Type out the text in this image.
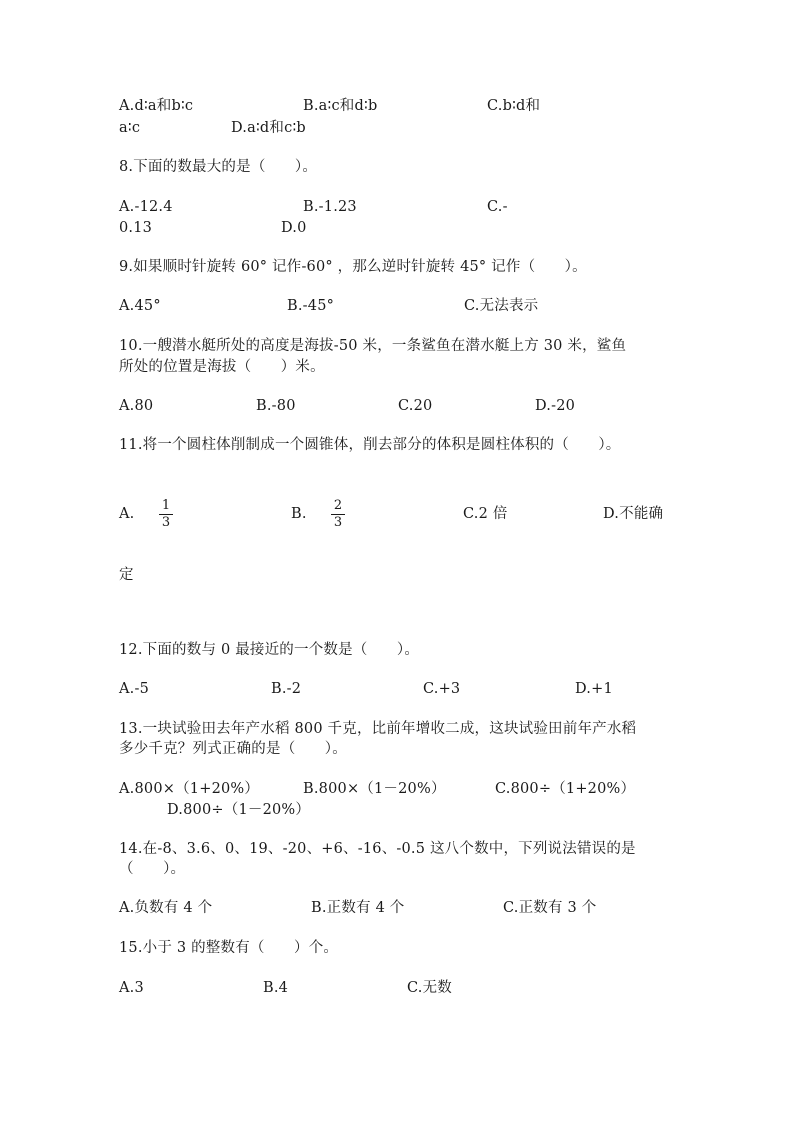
A.d∶a和b∶c	B.a∶c和d∶b	C.b∶d和
a∶c	D.a∶d和c∶b
8.下面的数最大的是（　　）。
A.-12.4	B.-1.23	C.-
0.13	D.0
9.如果顺时针旋转 60° 记作-60° ，那么逆时针旋转 45° 记作（　　）。
A.45°	B.-45°	C.无法表示
10.一艘潜水艇所处的高度是海拔-50 米，一条鲨鱼在潜水艇上方 30 米，鲨鱼
所处的位置是海拔（　　）米。
A.80	B.-80	C.20	D.-20
11.将一个圆柱体削制成一个圆锥体，削去部分的体积是圆柱体积的（　　）。
A. $\frac{1}{3}$	B. $\frac{2}{3}$	C.2 倍	D.不能确
定
12.下面的数与 0 最接近的一个数是（　　）。
A.-5	B.-2	C.+3	D.+1
13.一块试验田去年产水稻 800 千克，比前年增收二成，这块试验田前年产水稻
多少千克？列式正确的是（　　）。
A.800×（1+20%）	B.800×（1－20%）	C.800÷（1+20%）
D.800÷（1－20%）
14.在-8、3.6、0、19、-20、+6、-16、-0.5 这八个数中，下列说法错误的是
（　　）。
A.负数有 4 个	B.正数有 4 个	C.正数有 3 个
15.小于 3 的整数有（　　）个。
A.3	B.4	C.无数
